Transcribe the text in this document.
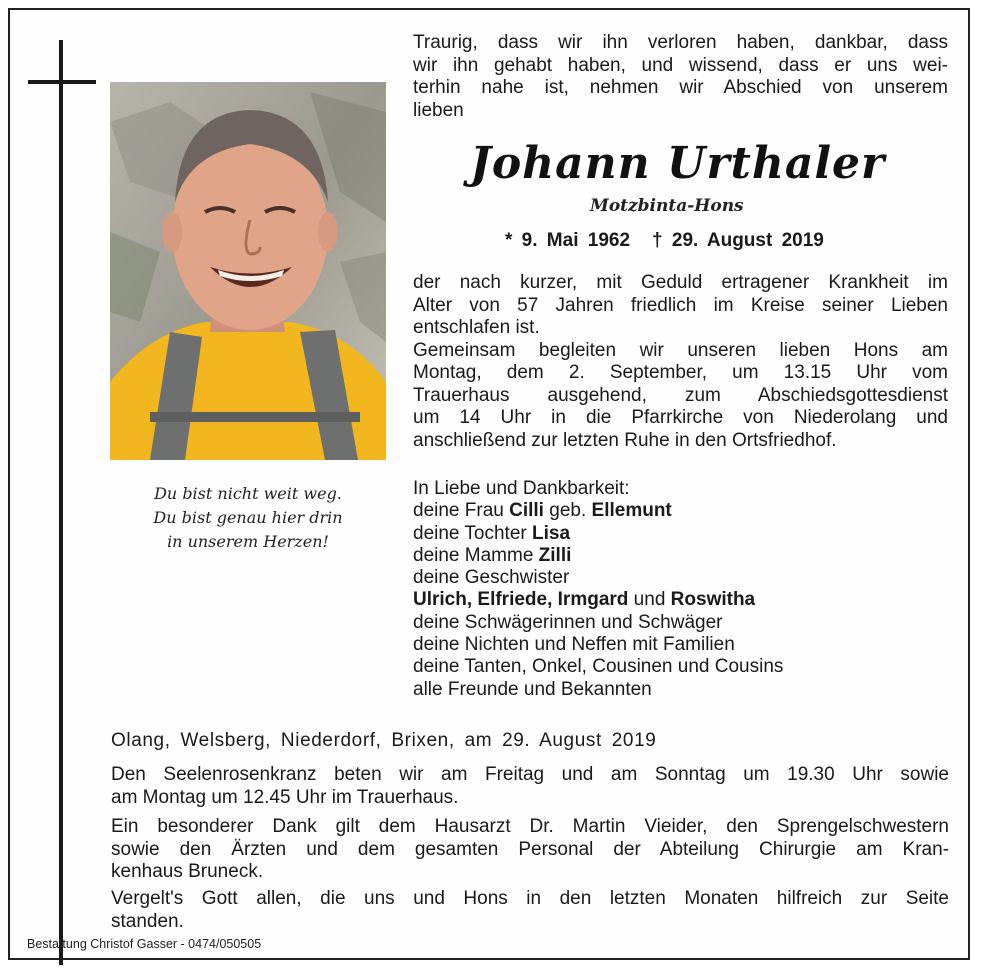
Du bist nicht weit weg.
Du bist genau hier drin
in unserem Herzen!
Traurig, dass wir ihn verloren haben, dankbar, dass
wir ihn gehabt haben, und wissend, dass er uns wei-
terhin nahe ist, nehmen wir Abschied von unserem
lieben
Johann Urthaler
Motzbinta-Hons
* 9. Mai 1962 † 29. August 2019
der nach kurzer, mit Geduld ertragener Krankheit im
Alter von 57 Jahren friedlich im Kreise seiner Lieben
entschlafen ist.
Gemeinsam begleiten wir unseren lieben Hons am
Montag, dem 2. September, um 13.15 Uhr vom
Trauerhaus ausgehend, zum Abschiedsgottesdienst
um 14 Uhr in die Pfarrkirche von Niederolang und
anschließend zur letzten Ruhe in den Ortsfriedhof.
In Liebe und Dankbarkeit:
deine Frau Cilli geb. Ellemunt
deine Tochter Lisa
deine Mamme Zilli
deine Geschwister
Ulrich, Elfriede, Irmgard und Roswitha
deine Schwägerinnen und Schwäger
deine Nichten und Neffen mit Familien
deine Tanten, Onkel, Cousinen und Cousins
alle Freunde und Bekannten
Olang, Welsberg, Niederdorf, Brixen, am 29. August 2019
Den Seelenrosenkranz beten wir am Freitag und am Sonntag um 19.30 Uhr sowie
am Montag um 12.45 Uhr im Trauerhaus.
Ein besonderer Dank gilt dem Hausarzt Dr. Martin Vieider, den Sprengelschwestern
sowie den Ärzten und dem gesamten Personal der Abteilung Chirurgie am Kran-
kenhaus Bruneck.
Vergelt's Gott allen, die uns und Hons in den letzten Monaten hilfreich zur Seite
standen.
Bestattung Christof Gasser - 0474/050505
